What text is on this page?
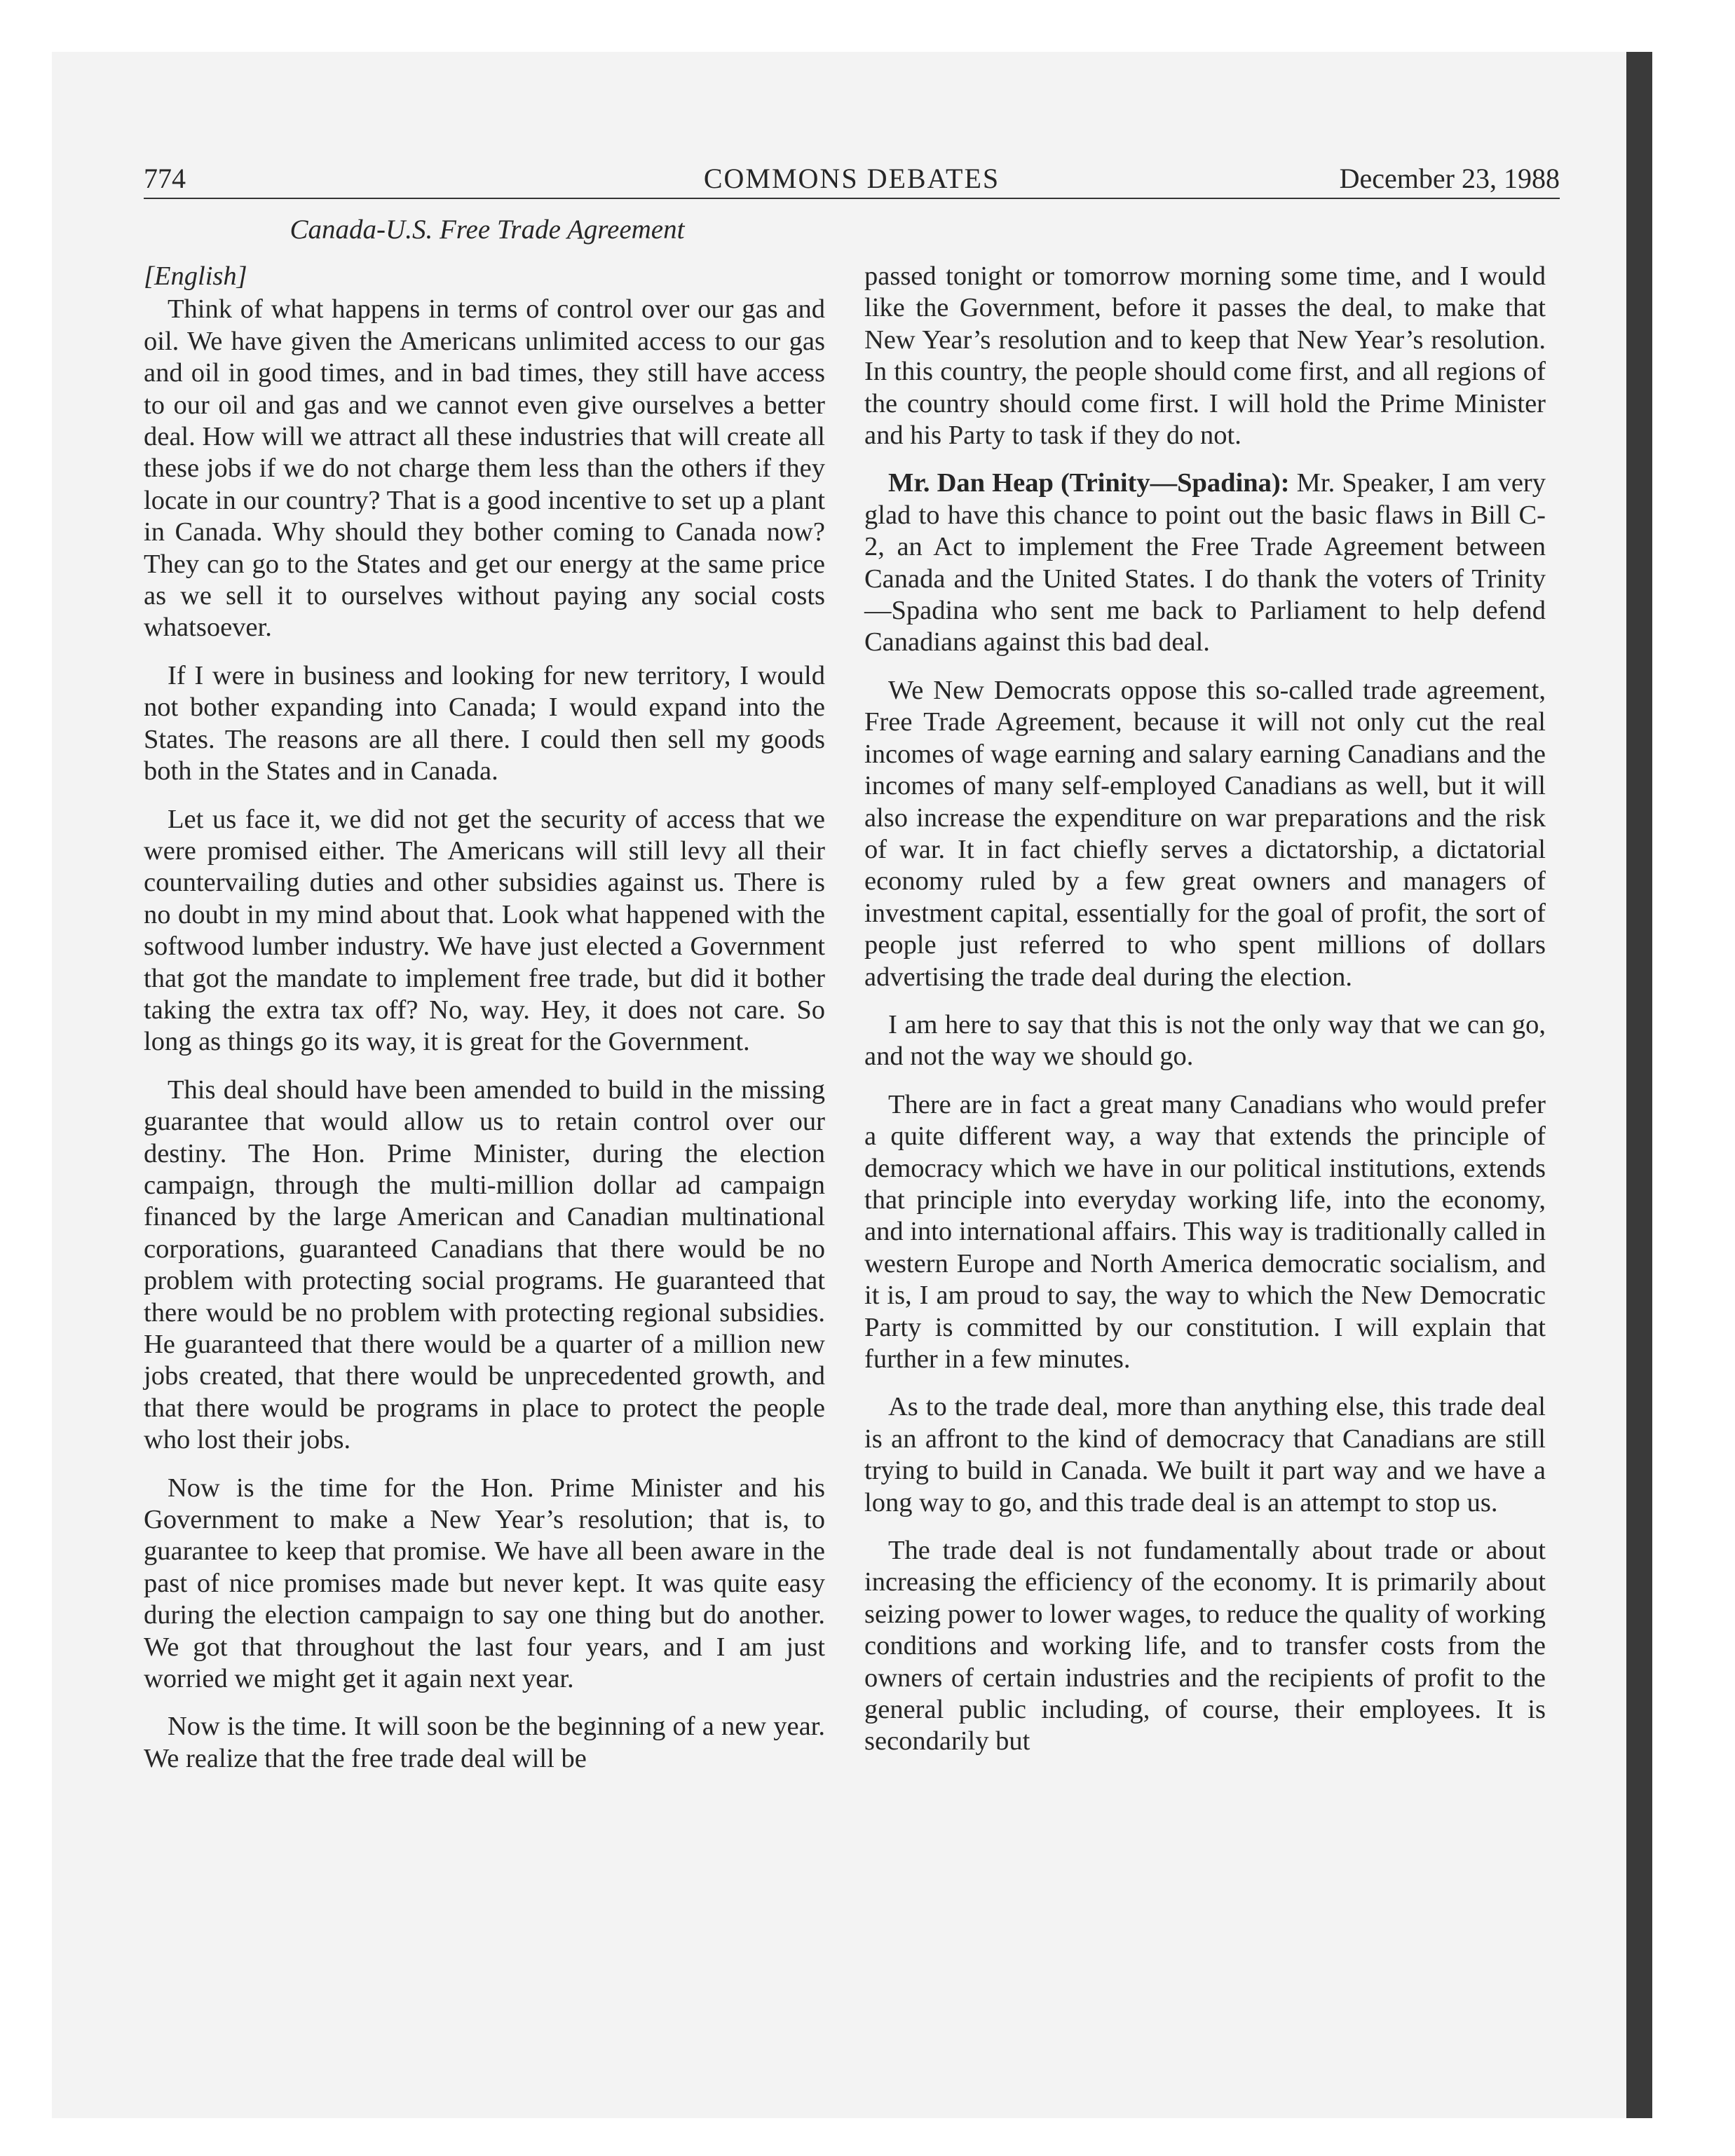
774	COMMONS DEBATES	December 23, 1988
Canada-U.S. Free Trade Agreement
[English]

Think of what happens in terms of control over our gas and oil. We have given the Americans unlimited access to our gas and oil in good times, and in bad times, they still have access to our oil and gas and we cannot even give ourselves a better deal. How will we attract all these industries that will create all these jobs if we do not charge them less than the others if they locate in our country? That is a good incentive to set up a plant in Canada. Why should they bother coming to Canada now? They can go to the States and get our energy at the same price as we sell it to ourselves without paying any social costs whatsoever.

If I were in business and looking for new territory, I would not bother expanding into Canada; I would expand into the States. The reasons are all there. I could then sell my goods both in the States and in Canada.

Let us face it, we did not get the security of access that we were promised either. The Americans will still levy all their countervailing duties and other subsidies against us. There is no doubt in my mind about that. Look what happened with the softwood lumber industry. We have just elected a Government that got the mandate to implement free trade, but did it bother taking the extra tax off? No, way. Hey, it does not care. So long as things go its way, it is great for the Government.

This deal should have been amended to build in the missing guarantee that would allow us to retain control over our destiny. The Hon. Prime Minister, during the election campaign, through the multi-million dollar ad campaign financed by the large American and Canadian multinational corporations, guaranteed Canadians that there would be no problem with protecting social programs. He guaranteed that there would be no problem with protecting regional subsidies. He guaranteed that there would be a quarter of a million new jobs created, that there would be unprecedented growth, and that there would be programs in place to protect the people who lost their jobs.

Now is the time for the Hon. Prime Minister and his Government to make a New Year’s resolution; that is, to guarantee to keep that promise. We have all been aware in the past of nice promises made but never kept. It was quite easy during the election campaign to say one thing but do another. We got that throughout the last four years, and I am just worried we might get it again next year.

Now is the time. It will soon be the beginning of a new year. We realize that the free trade deal will be

passed tonight or tomorrow morning some time, and I would like the Government, before it passes the deal, to make that New Year’s resolution and to keep that New Year’s resolution. In this country, the people should come first, and all regions of the country should come first. I will hold the Prime Minister and his Party to task if they do not.

Mr. Dan Heap (Trinity—Spadina): Mr. Speaker, I am very glad to have this chance to point out the basic flaws in Bill C-2, an Act to implement the Free Trade Agreement between Canada and the United States. I do thank the voters of Trinity—Spadina who sent me back to Parliament to help defend Canadians against this bad deal.

We New Democrats oppose this so-called trade agreement, Free Trade Agreement, because it will not only cut the real incomes of wage earning and salary earning Canadians and the incomes of many self-employed Canadians as well, but it will also increase the expenditure on war preparations and the risk of war. It in fact chiefly serves a dictatorship, a dictatorial economy ruled by a few great owners and managers of investment capital, essentially for the goal of profit, the sort of people just referred to who spent millions of dollars advertising the trade deal during the election.

I am here to say that this is not the only way that we can go, and not the way we should go.

There are in fact a great many Canadians who would prefer a quite different way, a way that extends the principle of democracy which we have in our political institutions, extends that principle into everyday working life, into the economy, and into international affairs. This way is traditionally called in western Europe and North America democratic socialism, and it is, I am proud to say, the way to which the New Democratic Party is committed by our constitution. I will explain that further in a few minutes.

As to the trade deal, more than anything else, this trade deal is an affront to the kind of democracy that Canadians are still trying to build in Canada. We built it part way and we have a long way to go, and this trade deal is an attempt to stop us.

The trade deal is not fundamentally about trade or about increasing the efficiency of the economy. It is primarily about seizing power to lower wages, to reduce the quality of working conditions and working life, and to transfer costs from the owners of certain industries and the recipients of profit to the general public including, of course, their employees. It is secondarily but
